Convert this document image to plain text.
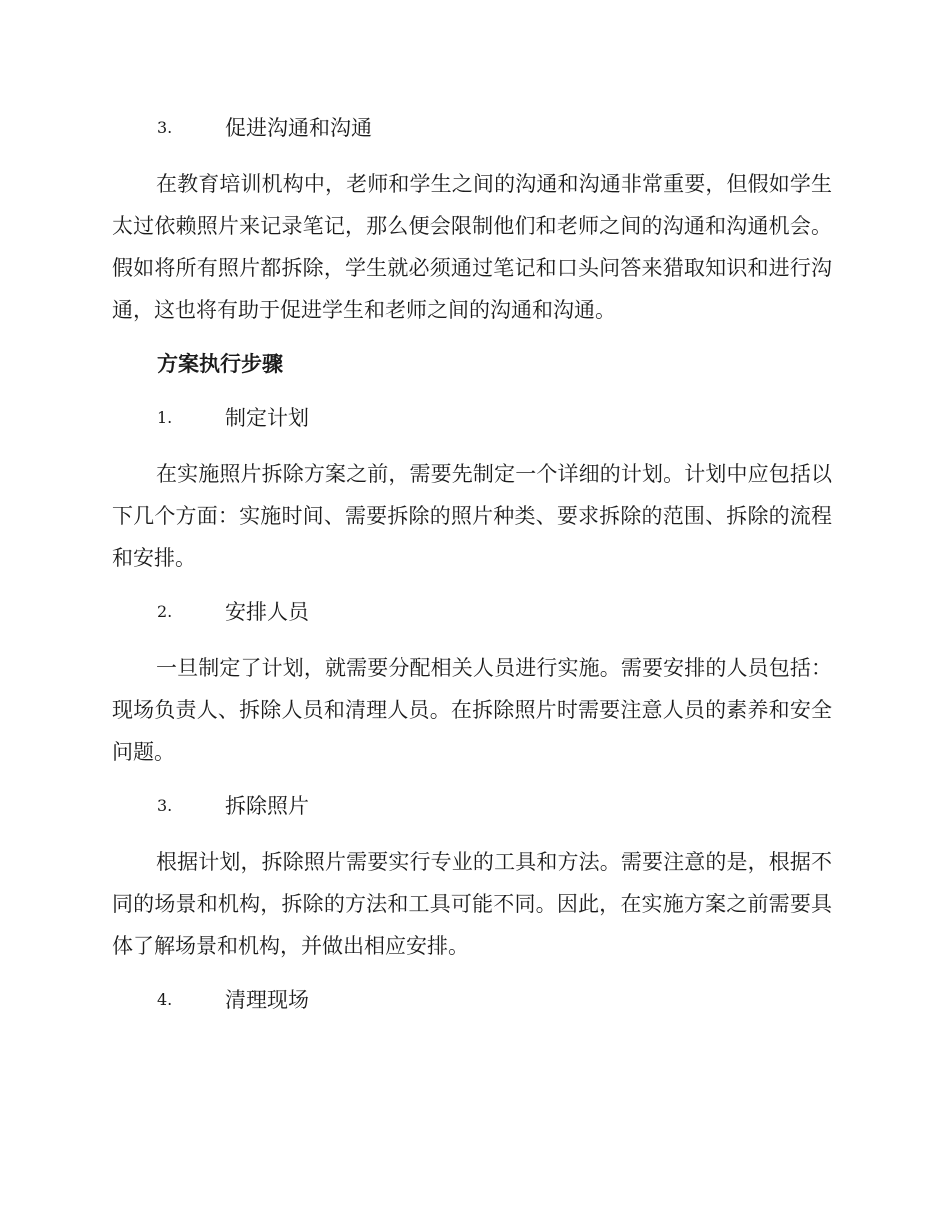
3.	促进沟通和沟通

在教育培训机构中，老师和学生之间的沟通和沟通非常重要，但假如学生太过依赖照片来记录笔记，那么便会限制他们和老师之间的沟通和沟通机会。假如将所有照片都拆除，学生就必须通过笔记和口头问答来猎取知识和进行沟通，这也将有助于促进学生和老师之间的沟通和沟通。

方案执行步骤
1.	制定计划

在实施照片拆除方案之前，需要先制定一个详细的计划。计划中应包括以下几个方面：实施时间、需要拆除的照片种类、要求拆除的范围、拆除的流程和安排。

2.	安排人员

一旦制定了计划，就需要分配相关人员进行实施。需要安排的人员包括：现场负责人、拆除人员和清理人员。在拆除照片时需要注意人员的素养和安全问题。

3.	拆除照片

根据计划，拆除照片需要实行专业的工具和方法。需要注意的是，根据不同的场景和机构，拆除的方法和工具可能不同。因此，在实施方案之前需要具体了解场景和机构，并做出相应安排。

4.	清理现场
